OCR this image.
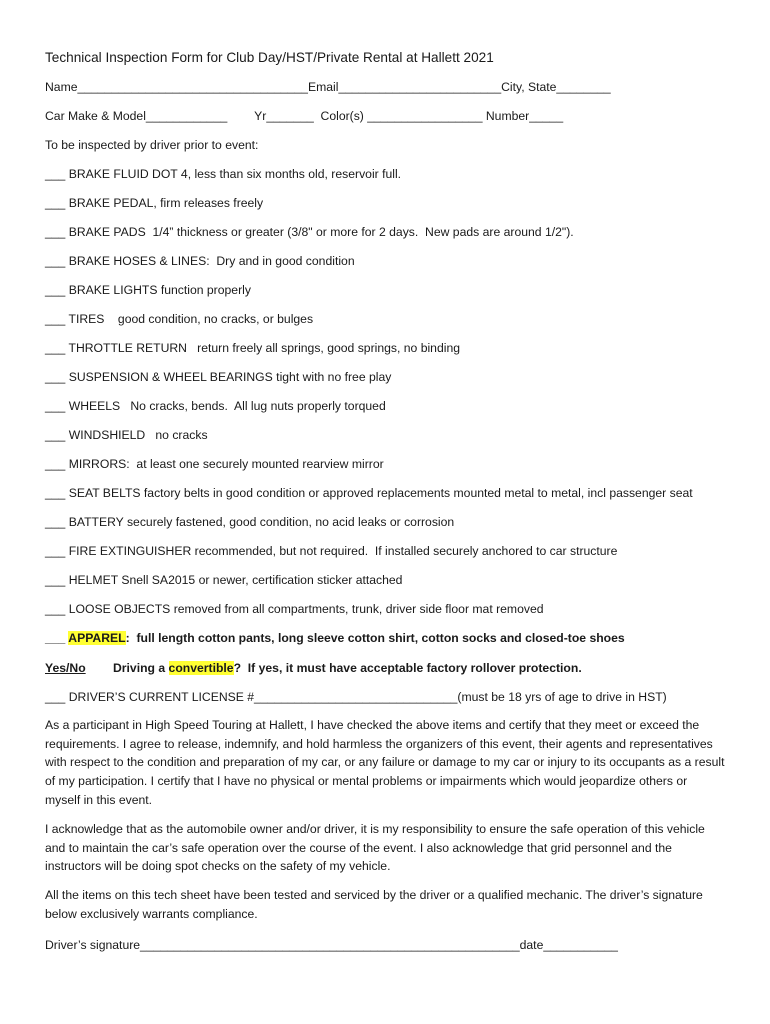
Technical Inspection Form for Club Day/HST/Private Rental at Hallett 2021
Name__________________________________Email________________________City, State________
Car Make & Model____________        Yr_______  Color(s) _________________ Number_____
To be inspected by driver prior to event:
___ BRAKE FLUID DOT 4, less than six months old, reservoir full.
___ BRAKE PEDAL, firm releases freely
___ BRAKE PADS  1/4” thickness or greater (3/8" or more for 2 days.  New pads are around 1/2").
___ BRAKE HOSES & LINES:  Dry and in good condition
___ BRAKE LIGHTS function properly
___ TIRES    good condition, no cracks, or bulges
___ THROTTLE RETURN   return freely all springs, good springs, no binding
___ SUSPENSION & WHEEL BEARINGS tight with no free play
___ WHEELS   No cracks, bends.  All lug nuts properly torqued
___ WINDSHIELD   no cracks
___ MIRRORS:  at least one securely mounted rearview mirror
___ SEAT BELTS factory belts in good condition or approved replacements mounted metal to metal, incl passenger seat
___ BATTERY securely fastened, good condition, no acid leaks or corrosion
___ FIRE EXTINGUISHER recommended, but not required.  If installed securely anchored to car structure
___ HELMET Snell SA2015 or newer, certification sticker attached
___ LOOSE OBJECTS removed from all compartments, trunk, driver side floor mat removed
___ APPAREL:  full length cotton pants, long sleeve cotton shirt, cotton socks and closed-toe shoes
Yes/No Driving a convertible?  If yes, it must have acceptable factory rollover protection.
___ DRIVER’S CURRENT LICENSE #______________________________(must be 18 yrs of age to drive in HST)

As a participant in High Speed Touring at Hallett, I have checked the above items and certify that they meet or exceed the requirements. I agree to release, indemnify, and hold harmless the organizers of this event, their agents and representatives with respect to the condition and preparation of my car, or any failure or damage to my car or injury to its occupants as a result of my participation. I certify that I have no physical or mental problems or impairments which would jeopardize others or myself in this event.

I acknowledge that as the automobile owner and/or driver, it is my responsibility to ensure the safe operation of this vehicle and to maintain the car’s safe operation over the course of the event. I also acknowledge that grid personnel and the instructors will be doing spot checks on the safety of my vehicle.

All the items on this tech sheet have been tested and serviced by the driver or a qualified mechanic. The driver’s signature below exclusively warrants compliance.

Driver’s signature________________________________________________________date___________
